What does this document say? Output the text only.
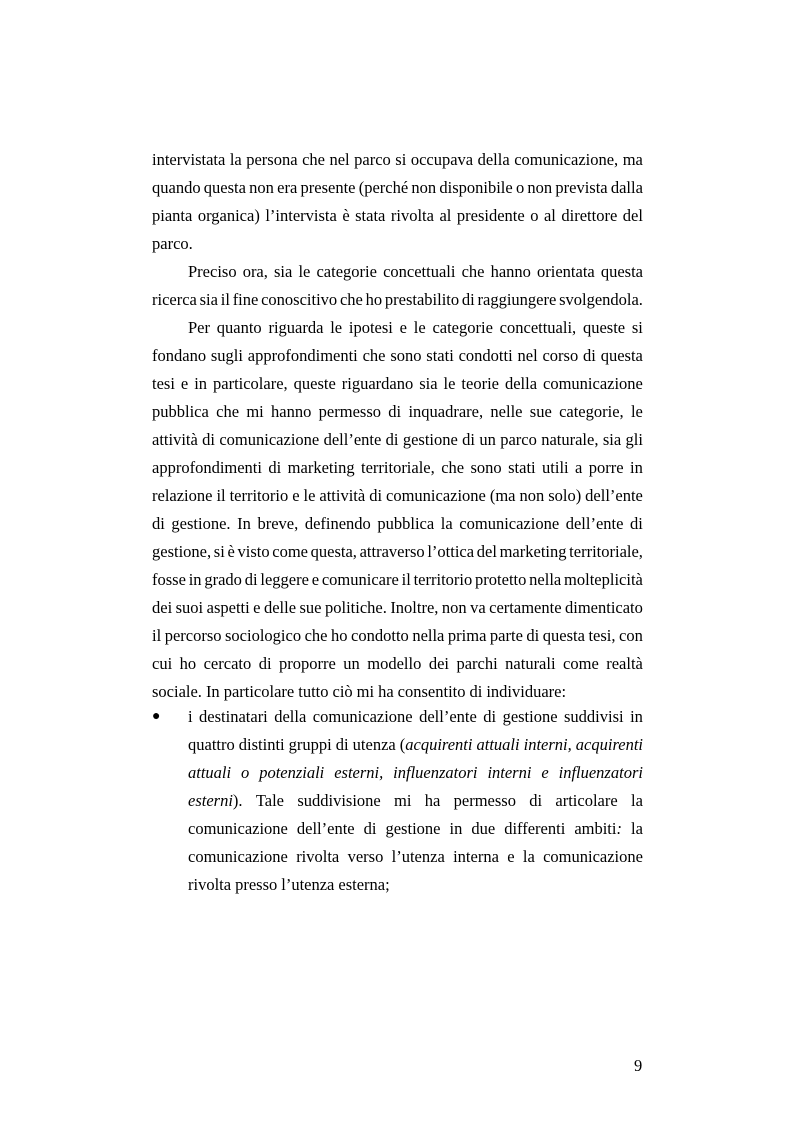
intervistata la persona che nel parco si occupava della comunicazione, ma
quando questa non era presente (perché non disponibile o non prevista dalla
pianta organica) l’intervista è stata rivolta al presidente o al direttore del
parco.
Preciso ora, sia le categorie concettuali che hanno orientata questa
ricerca sia il fine conoscitivo che ho prestabilito di raggiungere svolgendola.
Per quanto riguarda le ipotesi e le categorie concettuali, queste si
fondano sugli approfondimenti che sono stati condotti nel corso di questa
tesi e in particolare, queste riguardano sia le teorie della comunicazione
pubblica che mi hanno permesso di inquadrare, nelle sue categorie, le
attività di comunicazione dell’ente di gestione di un parco naturale, sia gli
approfondimenti di marketing territoriale, che sono stati utili a porre in
relazione il territorio e le attività di comunicazione (ma non solo) dell’ente
di gestione. In breve, definendo pubblica la comunicazione dell’ente di
gestione, si è visto come questa, attraverso l’ottica del marketing territoriale,
fosse in grado di leggere e comunicare il territorio protetto nella molteplicità
dei suoi aspetti e delle sue politiche. Inoltre, non va certamente dimenticato
il percorso sociologico che ho condotto nella prima parte di questa tesi, con
cui ho cercato di proporre un modello dei parchi naturali come realtà
sociale. In particolare tutto ciò mi ha consentito di individuare:
● i destinatari della comunicazione dell’ente di gestione suddivisi in
quattro distinti gruppi di utenza (acquirenti attuali interni, acquirenti
attuali o potenziali esterni, influenzatori interni e influenzatori
esterni). Tale suddivisione mi ha permesso di articolare la
comunicazione dell’ente di gestione in due differenti ambiti: la
comunicazione rivolta verso l’utenza interna e la comunicazione
rivolta presso l’utenza esterna;
9
